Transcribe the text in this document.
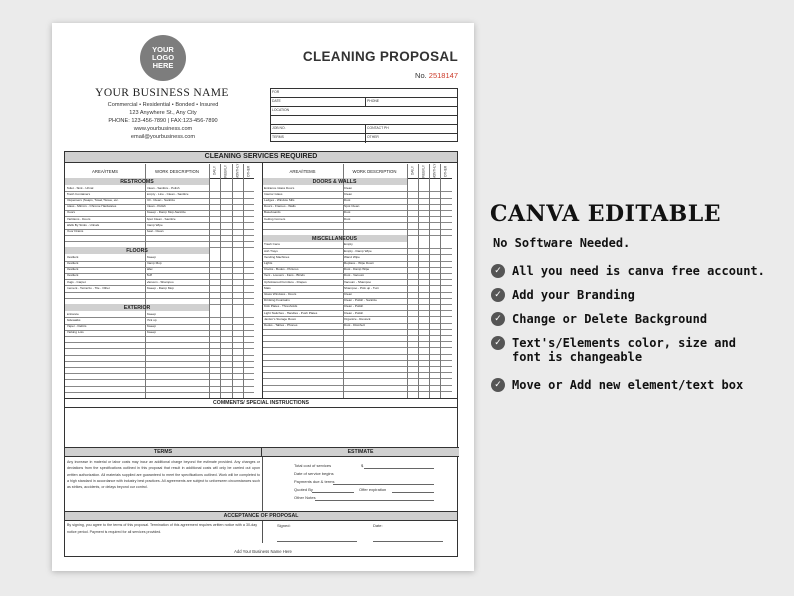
YOUR
LOGO
HERE
YOUR BUSINESS NAME
Commercial • Residential • Bonded • Insured
123 Anywhere St., Any City
PHONE: 123-456-7890 | FAX:123-456-7890
www.yourbusiness.com
email@yourbusiness.com
CLEANING PROPOSAL
No. 2518147
FOR
DATE	PHONE
LOCATION
JOB NO.	CONTACT PH
TERMS	OTHER
CLEANING SERVICES REQUIRED
COMMENTS/ SPECIAL INSTRUCTIONS
TERMS	ESTIMATE
Any increase in material or labor costs may incur an additional charge beyond the estimate provided. Any changes or deviations from the specifications outlined in this proposal that result in additional costs will only be carried out upon written authorization. All materials supplied are guaranteed to meet the specifications outlined. Work will be completed to a high standard in accordance with industry best practices. All agreements are subject to unforeseen circumstances such as strikes, accidents, or delays beyond our control.
Total cost of services	$
Date of service begins
Payments due & terms
Quoted By	Offer expiration
Other Notes
ACCEPTANCE OF PROPOSAL
By signing, you agree to the terms of this proposal. Termination of this agreement requires written notice with a 30-day notice period. Payment is required for all services provided.
Signed:	Date:
AREA/ITEMS	WORK DESCRIPTION	DAILY	WEEKLY	MONTHLY	OTHER
RESTROOMS
Toilet - Sink - Urinal	Clean - Sanitize - Polish
Trash Containers	Empty - Line - Clean - Sanitize
Dispensers (Soaps, Towel,Tissue, etc.	Fill - Clean - Sanitize
Glass - Mirrors - Chrome Hardwares	Clean - Polish
Floors	Sweep - Damp Mop-Sanitize
Partitions - Doors	Spot Clean - Sanitize
Walls By Sinks - Urinals	Damp Wipe
Floor Drains	Seal - Clean
FLOORS
Resilient	Sweep
Resilient	Damp Mop
Resilient	Wax
Resilient	Buff
Rugs - Carpet	Vacuum - Shampoo
Cement - Terrazzo - Tile - Other	Sweep - Damp Mop
EXTERIOR
Entrance	Sweep
Sidewalks	Pick up
Paper - Debris	Sweep
Parking Lots	Sweep
AREA/ITEMS	WORK DESCRIPTION	DAILY	WEEKLY	MONTHLY	OTHER
DOORS & WALLS
Entrance Glass Doors	Clean
Interior Glass	Clean
Ledges - Window Sills	Dust
Doors - Frames - Walls	Spot Clean
Baseboards	Dust
Ceiling Corners	Dust
MISCELLANEOUS
Trash Cans	Empty
Ash Trays	Empty - Damp Wipe
Vending Machines	Wand Wipe
Lights	Replace - Wipe Down
Clocks - Books - Pictures	Dust - Damp Wipe
Vent - Louvers - Fans - Blinds	Dust - Vacuum
Upholstered Furniture - Drapes	Vacuum - Shampoo
Mats	Shampoo - Pick up - Turn
Glass Windows - Doors	Clean
Drinking Fountains	Clean - Polish - Sanitize
Kick Plates - Thresholds	Clean - Polish
Light Switches - Handles - Push Plates	Clean - Polish
Janitor's Storage Room	Organize - Restock
Desks - Tables - Phones	Dust - Disinfect
Add Your Business Name Here
CANVA EDITABLE
No Software Needed.
✓ All you need is canva free account.
✓ Add your Branding
✓ Change or Delete Background
✓ Text's/Elements color, size and
font is changeable
✓ Move or Add new element/text box
